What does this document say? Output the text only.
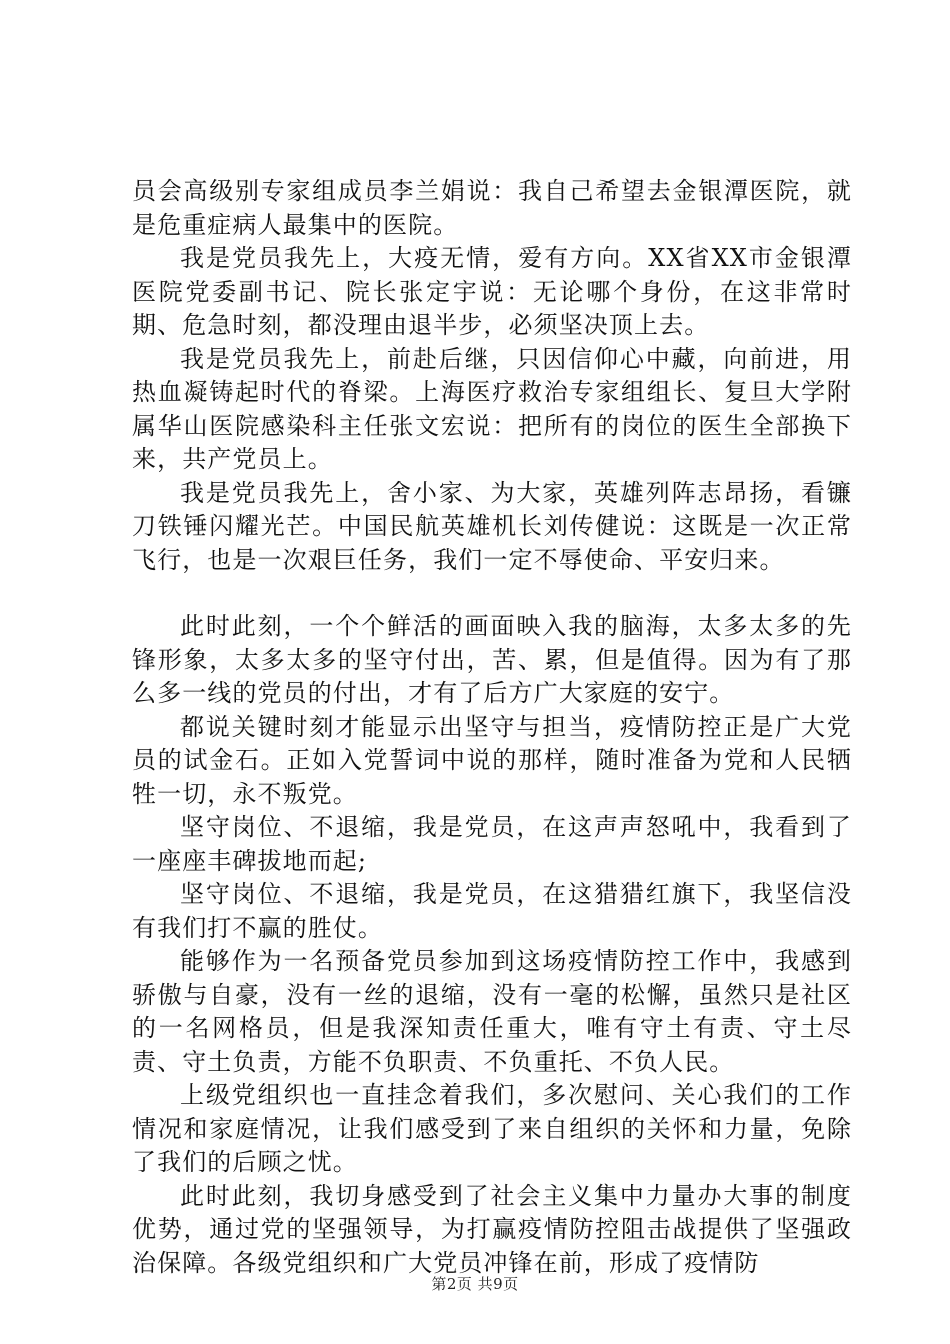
员会高级别专家组成员李兰娟说：我自己希望去金银潭医院，就是危重症病人最集中的医院。

我是党员我先上，大疫无情，爱有方向。XX省XX市金银潭医院党委副书记、院长张定宇说：无论哪个身份，在这非常时期、危急时刻，都没理由退半步，必须坚决顶上去。

我是党员我先上，前赴后继，只因信仰心中藏，向前进，用热血凝铸起时代的脊梁。上海医疗救治专家组组长、复旦大学附属华山医院感染科主任张文宏说：把所有的岗位的医生全部换下来，共产党员上。

我是党员我先上，舍小家、为大家，英雄列阵志昂扬，看镰刀铁锤闪耀光芒。中国民航英雄机长刘传健说：这既是一次正常飞行，也是一次艰巨任务，我们一定不辱使命、平安归来。

此时此刻，一个个鲜活的画面映入我的脑海，太多太多的先锋形象，太多太多的坚守付出，苦、累，但是值得。因为有了那么多一线的党员的付出，才有了后方广大家庭的安宁。

都说关键时刻才能显示出坚守与担当，疫情防控正是广大党员的试金石。正如入党誓词中说的那样，随时准备为党和人民牺牲一切，永不叛党。

坚守岗位、不退缩，我是党员，在这声声怒吼中，我看到了一座座丰碑拔地而起;

坚守岗位、不退缩，我是党员，在这猎猎红旗下，我坚信没有我们打不赢的胜仗。

能够作为一名预备党员参加到这场疫情防控工作中，我感到骄傲与自豪，没有一丝的退缩，没有一毫的松懈，虽然只是社区的一名网格员，但是我深知责任重大，唯有守土有责、守土尽责、守土负责，方能不负职责、不负重托、不负人民。

上级党组织也一直挂念着我们，多次慰问、关心我们的工作情况和家庭情况，让我们感受到了来自组织的关怀和力量，免除了我们的后顾之忧。

此时此刻，我切身感受到了社会主义集中力量办大事的制度优势，通过党的坚强领导，为打赢疫情防控阻击战提供了坚强政治保障。各级党组织和广大党员冲锋在前，形成了疫情防

第2页 共9页
